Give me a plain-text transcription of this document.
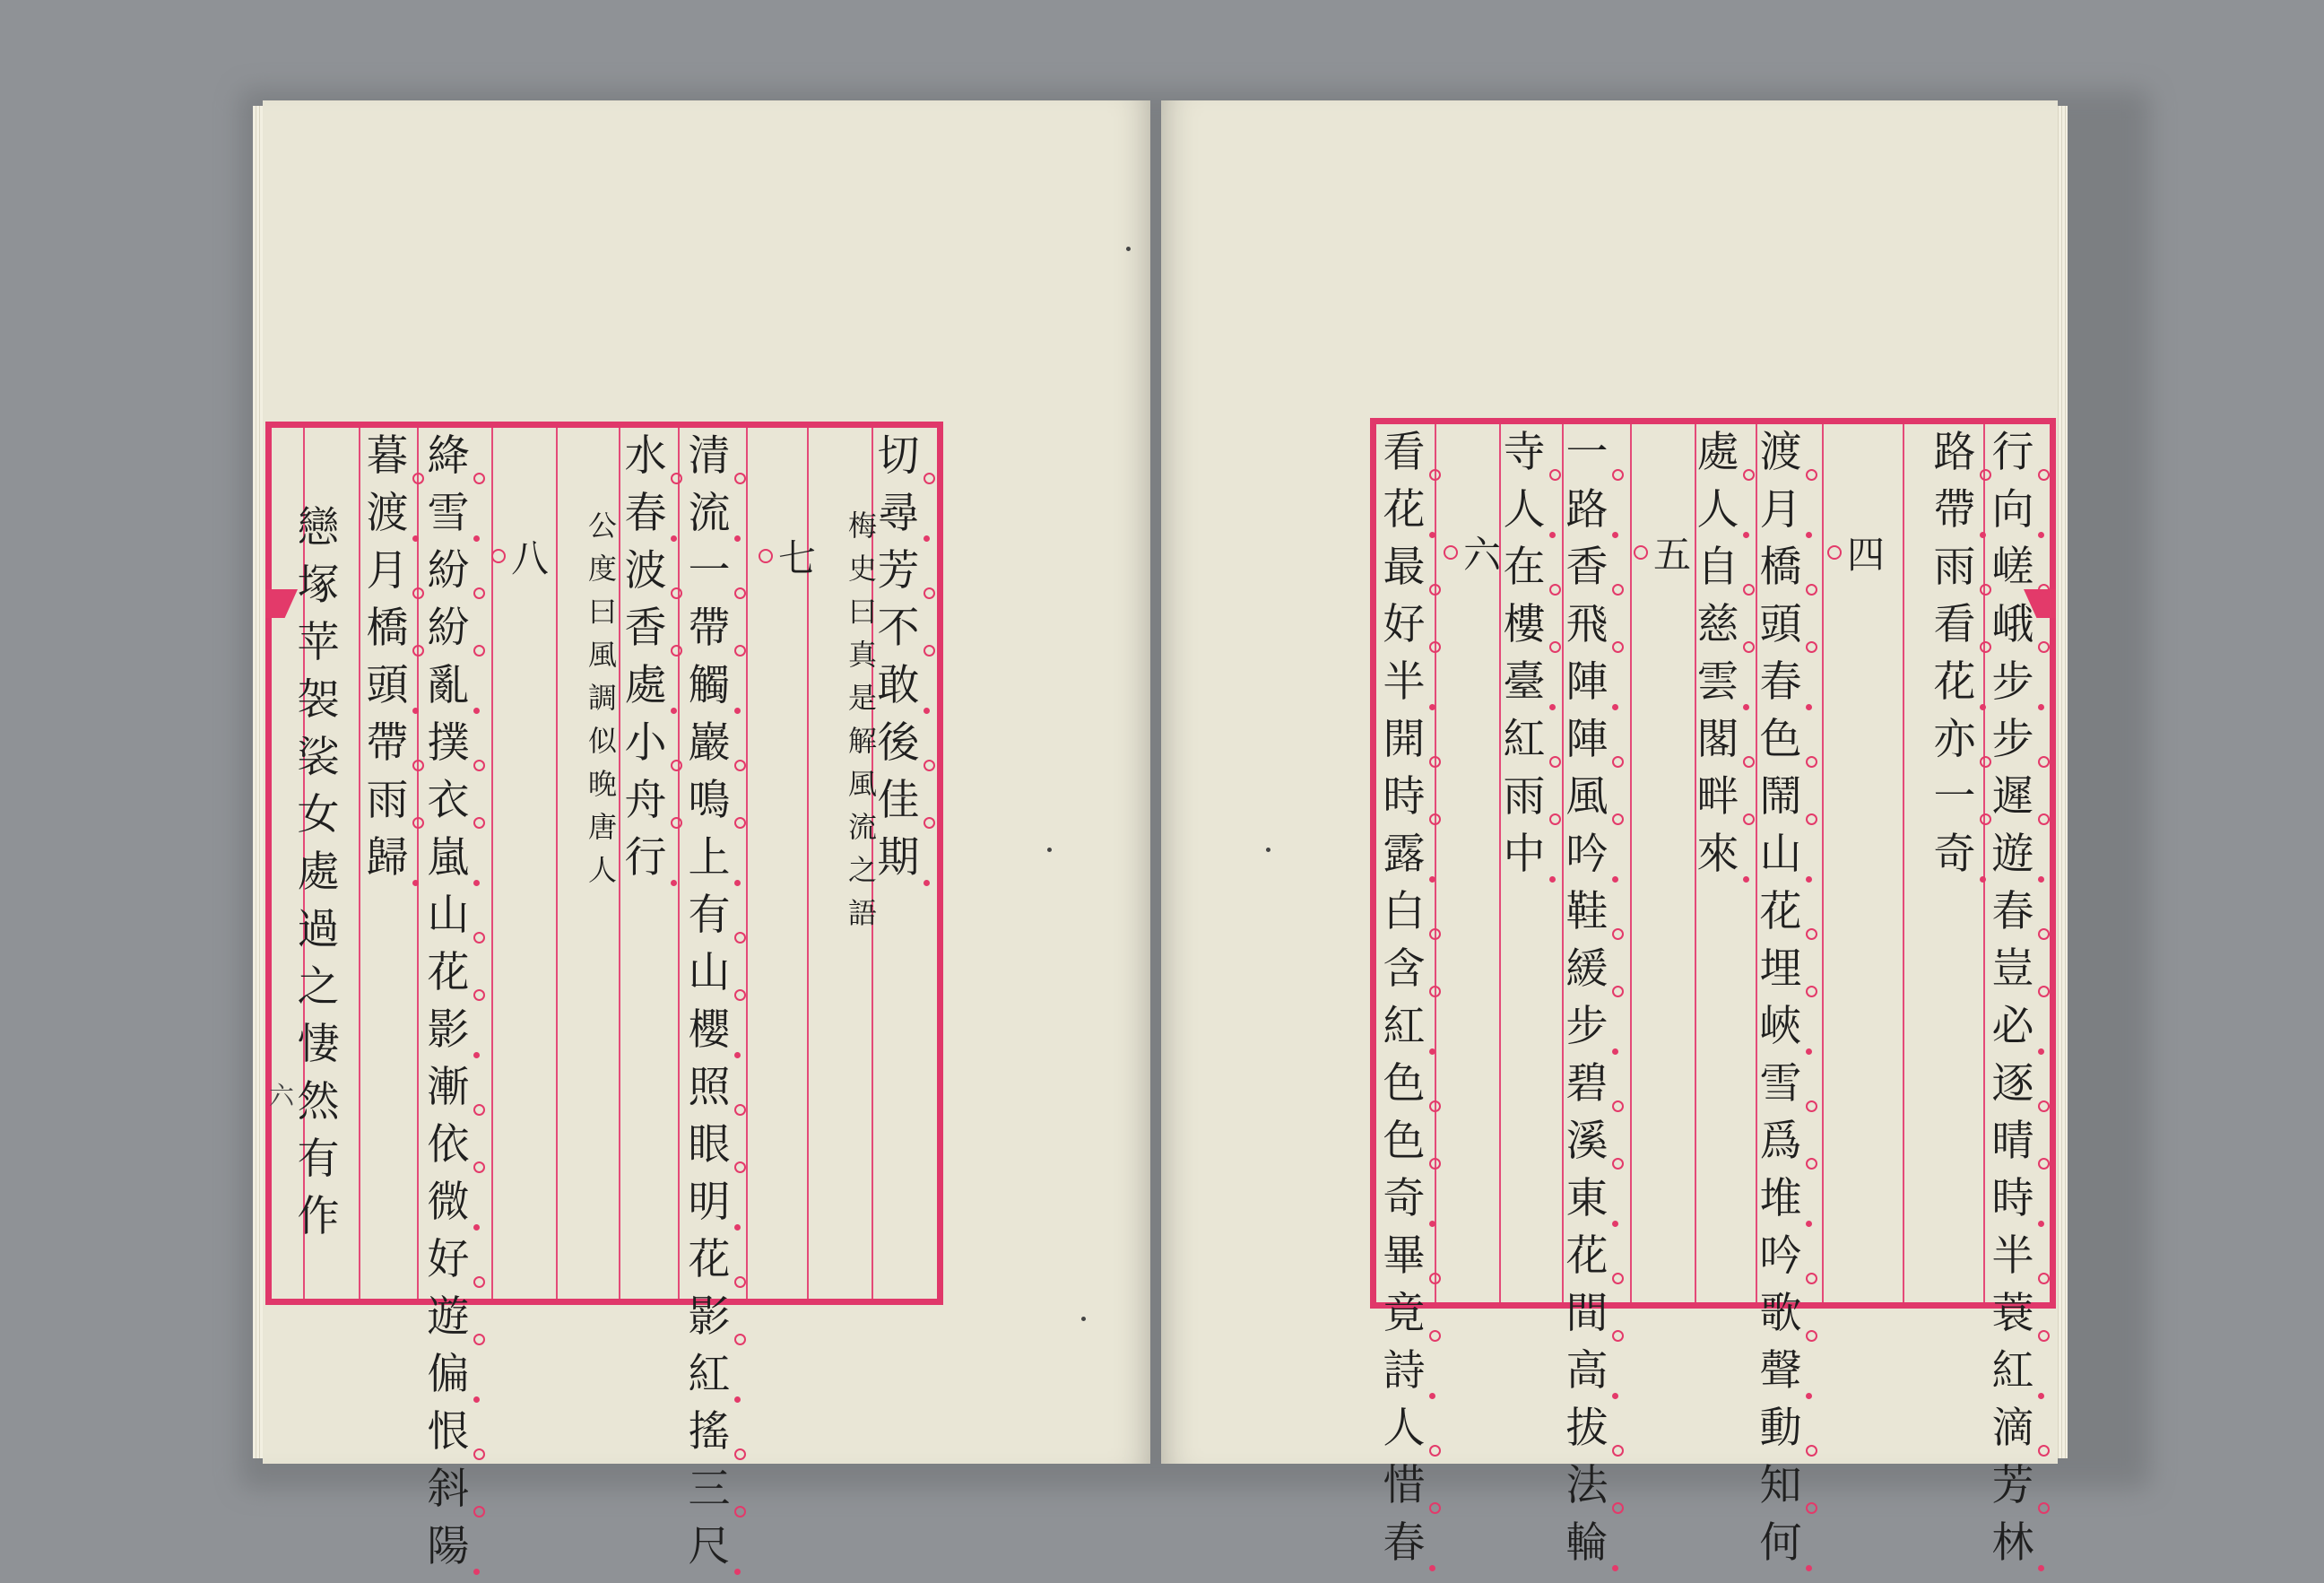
六
切
尋
芳
不
敢
後
佳
期
梅
史
曰
真
是
解
風
流
之
語
七
清
流
一
帶
觸
巖
鳴
上
有
山
櫻
照
眼
明
花
影
紅
搖
三
尺
水
春
波
香
處
小
舟
行
公
度
曰
風
調
似
晚
唐
人
八
絳
雪
紛
紛
亂
撲
衣
嵐
山
花
影
漸
依
微
好
遊
偏
恨
斜
陽
暮
渡
月
橋
頭
帶
雨
歸
戀
塚
苹
袈
裟
女
處
過
之
悽
然
有
作
行
向
嵯
峨
步
步
遲
遊
春
豈
必
逐
晴
時
半
蓑
紅
滴
芳
林
路
帶
雨
看
花
亦
一
奇
四
渡
月
橋
頭
春
色
鬧
山
花
埋
峽
雪
爲
堆
吟
歌
聲
動
知
何
處
人
自
慈
雲
閣
畔
來
五
一
路
香
飛
陣
陣
風
吟
鞋
緩
步
碧
溪
東
花
間
高
拔
法
輪
寺
人
在
樓
臺
紅
雨
中
六
看
花
最
好
半
開
時
露
白
含
紅
色
色
奇
畢
竟
詩
人
惜
春
